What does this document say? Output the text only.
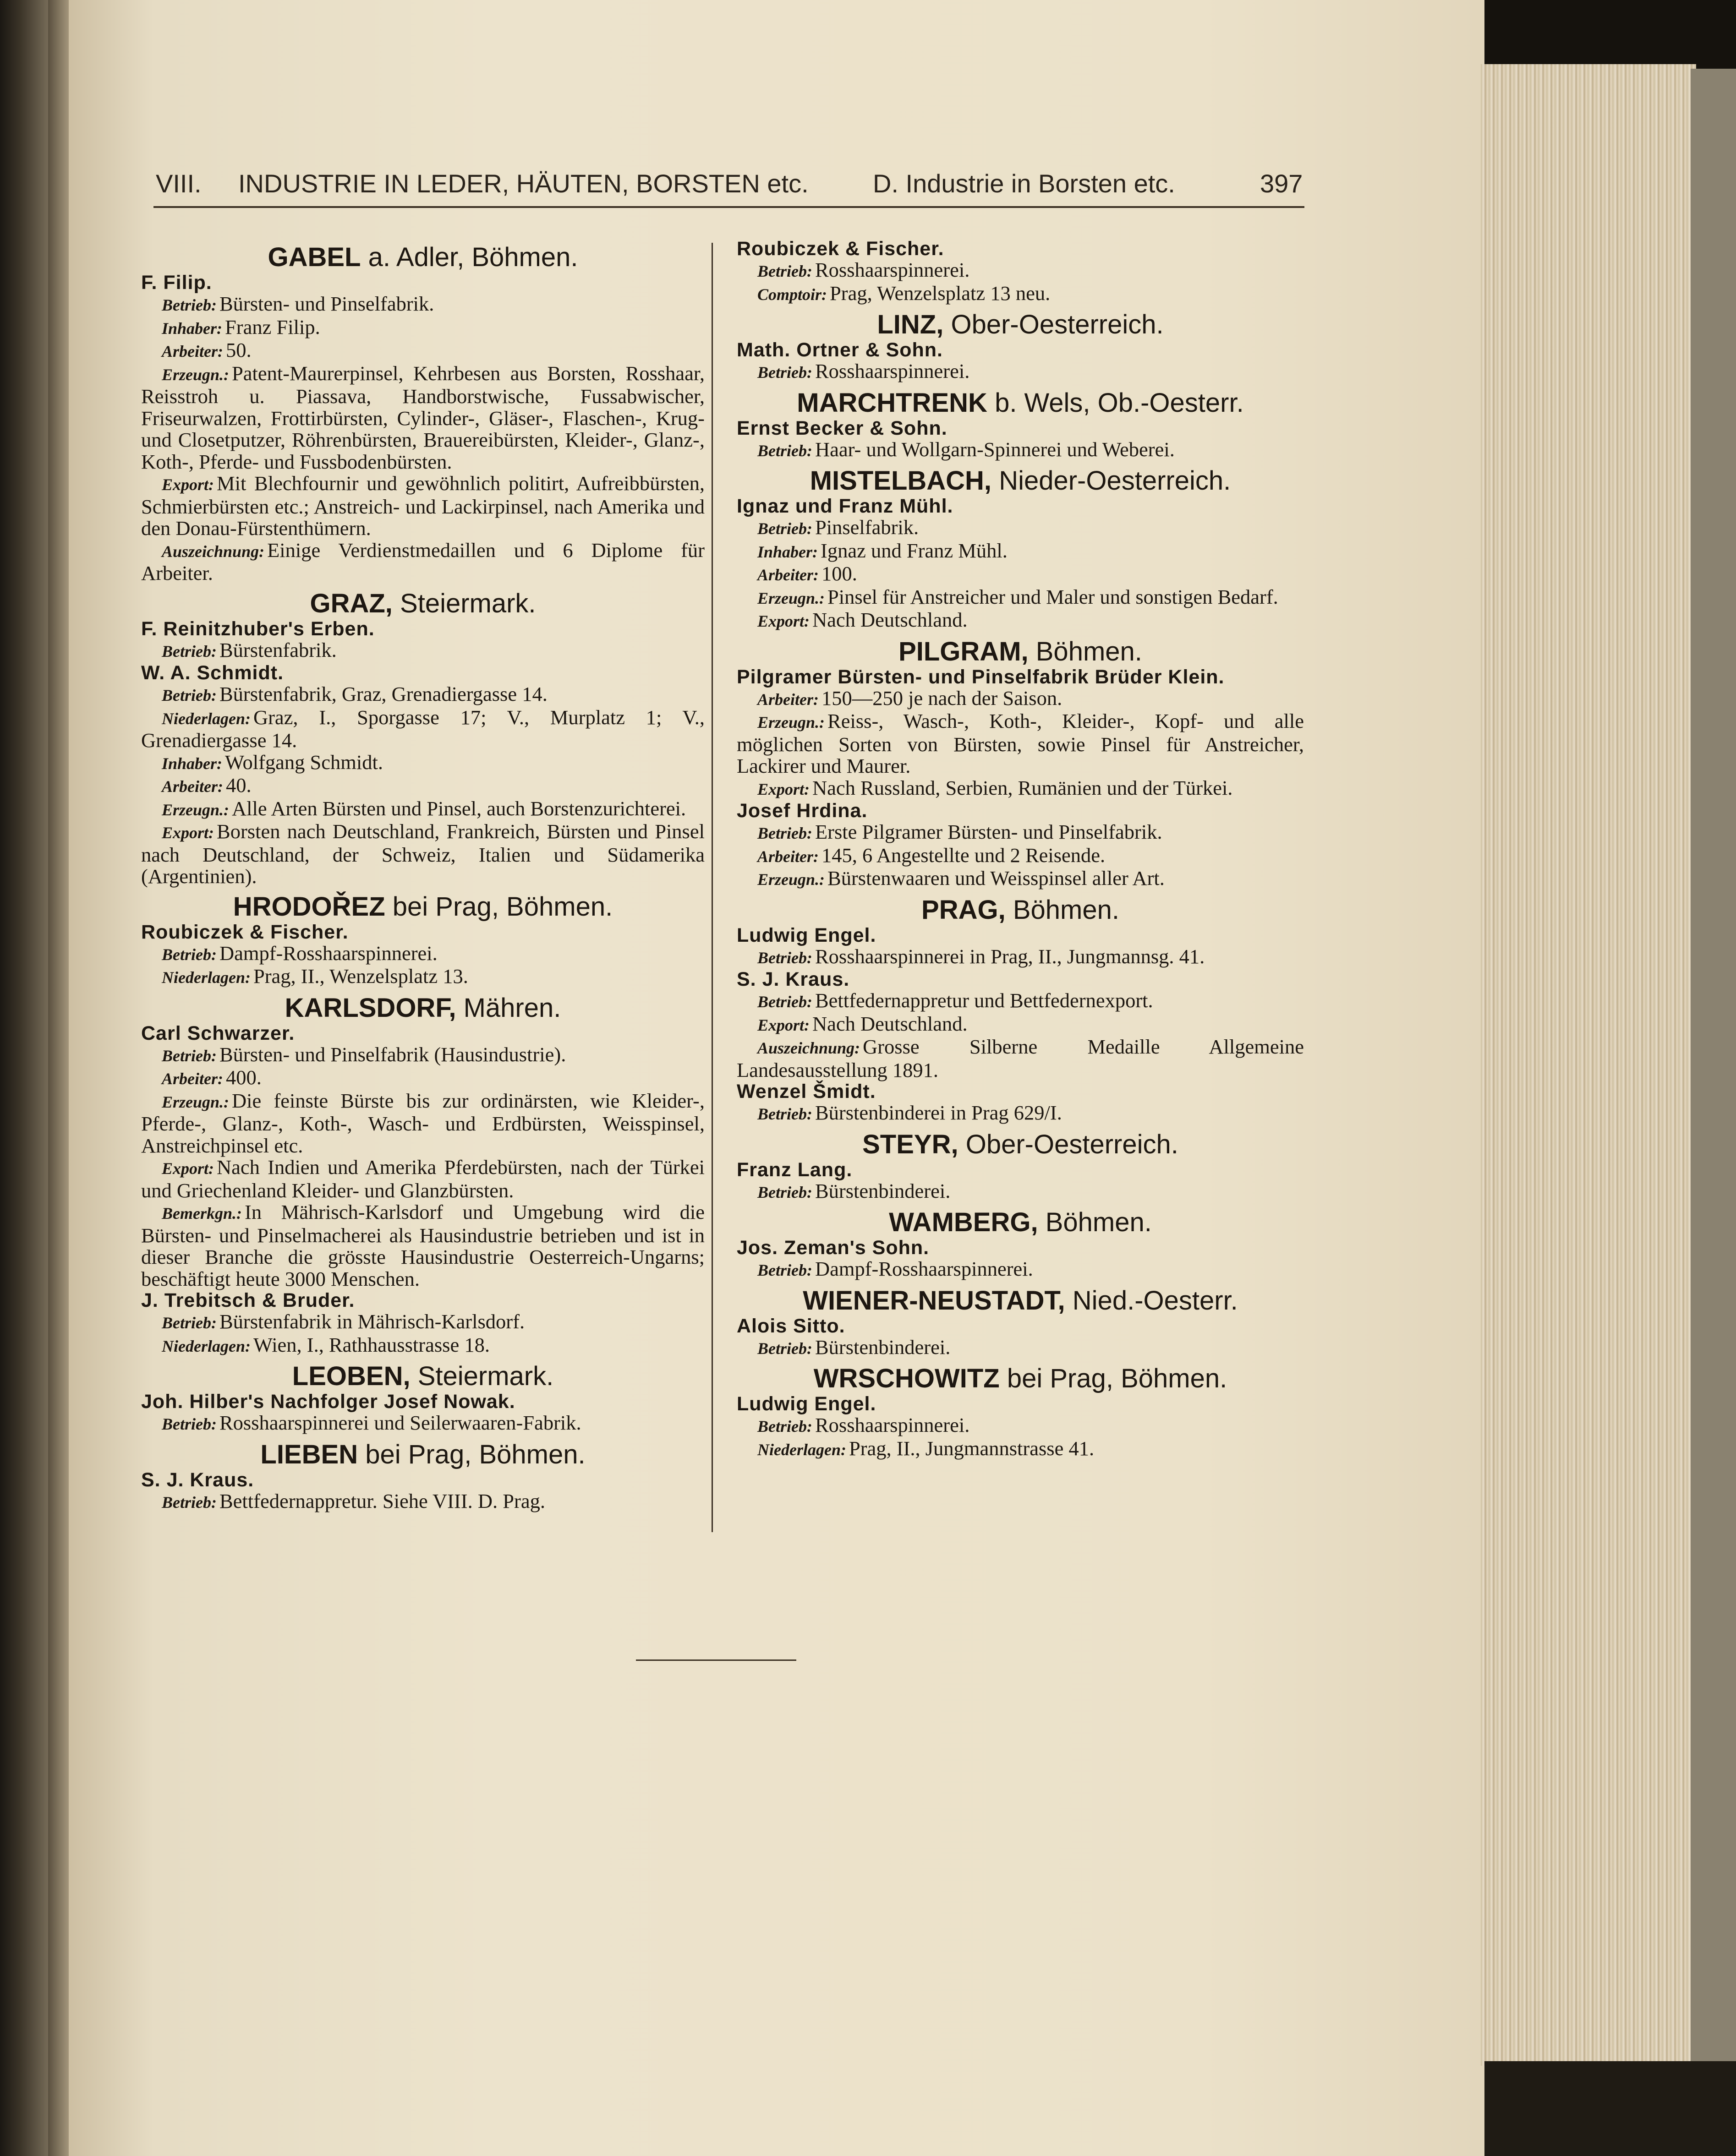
VIII. INDUSTRIE IN LEDER, HÄUTEN, BORSTEN etc.	D. Industrie in Borsten etc.	397
GABEL a. Adler, Böhmen.
F. Filip.
Betrieb: Bürsten- und Pinselfabrik.
Inhaber: Franz Filip.
Arbeiter: 50.
Erzeugn.: Patent-Maurerpinsel, Kehrbesen aus Borsten, Rosshaar, Reisstroh u. Piassava, Handborstwische, Fussabwischer, Friseurwalzen, Frottirbürsten, Cylinder-, Gläser-, Flaschen-, Krug- und Closetputzer, Röhrenbürsten, Brauereibürsten, Kleider-, Glanz-, Koth-, Pferde- und Fussbodenbürsten.
Export: Mit Blechfournir und gewöhnlich politirt, Aufreibbürsten, Schmierbürsten etc.; Anstreich- und Lackirpinsel, nach Amerika und den Donau-Fürstenthümern.
Auszeichnung: Einige Verdienstmedaillen und 6 Diplome für Arbeiter.
GRAZ, Steiermark.
F. Reinitzhuber's Erben.
Betrieb: Bürstenfabrik.
W. A. Schmidt.
Betrieb: Bürstenfabrik, Graz, Grenadiergasse 14.
Niederlagen: Graz, I., Sporgasse 17; V., Murplatz 1; V., Grenadiergasse 14.
Inhaber: Wolfgang Schmidt.
Arbeiter: 40.
Erzeugn.: Alle Arten Bürsten und Pinsel, auch Borstenzurichterei.
Export: Borsten nach Deutschland, Frankreich, Bürsten und Pinsel nach Deutschland, der Schweiz, Italien und Südamerika (Argentinien).
HRODOŘEZ bei Prag, Böhmen.
Roubiczek & Fischer.
Betrieb: Dampf-Rosshaarspinnerei.
Niederlagen: Prag, II., Wenzelsplatz 13.
KARLSDORF, Mähren.
Carl Schwarzer.
Betrieb: Bürsten- und Pinselfabrik (Hausindustrie).
Arbeiter: 400.
Erzeugn.: Die feinste Bürste bis zur ordinärsten, wie Kleider-, Pferde-, Glanz-, Koth-, Wasch- und Erdbürsten, Weisspinsel, Anstreichpinsel etc.
Export: Nach Indien und Amerika Pferdebürsten, nach der Türkei und Griechenland Kleider- und Glanzbürsten.
Bemerkgn.: In Mährisch-Karlsdorf und Umgebung wird die Bürsten- und Pinselmacherei als Hausindustrie betrieben und ist in dieser Branche die grösste Hausindustrie Oesterreich-Ungarns; beschäftigt heute 3000 Menschen.
J. Trebitsch & Bruder.
Betrieb: Bürstenfabrik in Mährisch-Karlsdorf.
Niederlagen: Wien, I., Rathhausstrasse 18.
LEOBEN, Steiermark.
Joh. Hilber's Nachfolger Josef Nowak.
Betrieb: Rosshaarspinnerei und Seilerwaaren-Fabrik.
LIEBEN bei Prag, Böhmen.
S. J. Kraus.
Betrieb: Bettfedernappretur. Siehe VIII. D. Prag.
Roubiczek & Fischer.
Betrieb: Rosshaarspinnerei.
Comptoir: Prag, Wenzelsplatz 13 neu.
LINZ, Ober-Oesterreich.
Math. Ortner & Sohn.
Betrieb: Rosshaarspinnerei.
MARCHTRENK b. Wels, Ob.-Oesterr.
Ernst Becker & Sohn.
Betrieb: Haar- und Wollgarn-Spinnerei und Weberei.
MISTELBACH, Nieder-Oesterreich.
Ignaz und Franz Mühl.
Betrieb: Pinselfabrik.
Inhaber: Ignaz und Franz Mühl.
Arbeiter: 100.
Erzeugn.: Pinsel für Anstreicher und Maler und sonstigen Bedarf.
Export: Nach Deutschland.
PILGRAM, Böhmen.
Pilgramer Bürsten- und Pinselfabrik Brüder Klein.
Arbeiter: 150—250 je nach der Saison.
Erzeugn.: Reiss-, Wasch-, Koth-, Kleider-, Kopf- und alle möglichen Sorten von Bürsten, sowie Pinsel für Anstreicher, Lackirer und Maurer.
Export: Nach Russland, Serbien, Rumänien und der Türkei.
Josef Hrdina.
Betrieb: Erste Pilgramer Bürsten- und Pinselfabrik.
Arbeiter: 145, 6 Angestellte und 2 Reisende.
Erzeugn.: Bürstenwaaren und Weisspinsel aller Art.
PRAG, Böhmen.
Ludwig Engel.
Betrieb: Rosshaarspinnerei in Prag, II., Jungmannsg. 41.
S. J. Kraus.
Betrieb: Bettfedernappretur und Bettfedernexport.
Export: Nach Deutschland.
Auszeichnung: Grosse Silberne Medaille Allgemeine Landesausstellung 1891.
Wenzel Šmidt.
Betrieb: Bürstenbinderei in Prag 629/I.
STEYR, Ober-Oesterreich.
Franz Lang.
Betrieb: Bürstenbinderei.
WAMBERG, Böhmen.
Jos. Zeman's Sohn.
Betrieb: Dampf-Rosshaarspinnerei.
WIENER-NEUSTADT, Nied.-Oesterr.
Alois Sitto.
Betrieb: Bürstenbinderei.
WRSCHOWITZ bei Prag, Böhmen.
Ludwig Engel.
Betrieb: Rosshaarspinnerei.
Niederlagen: Prag, II., Jungmannstrasse 41.
